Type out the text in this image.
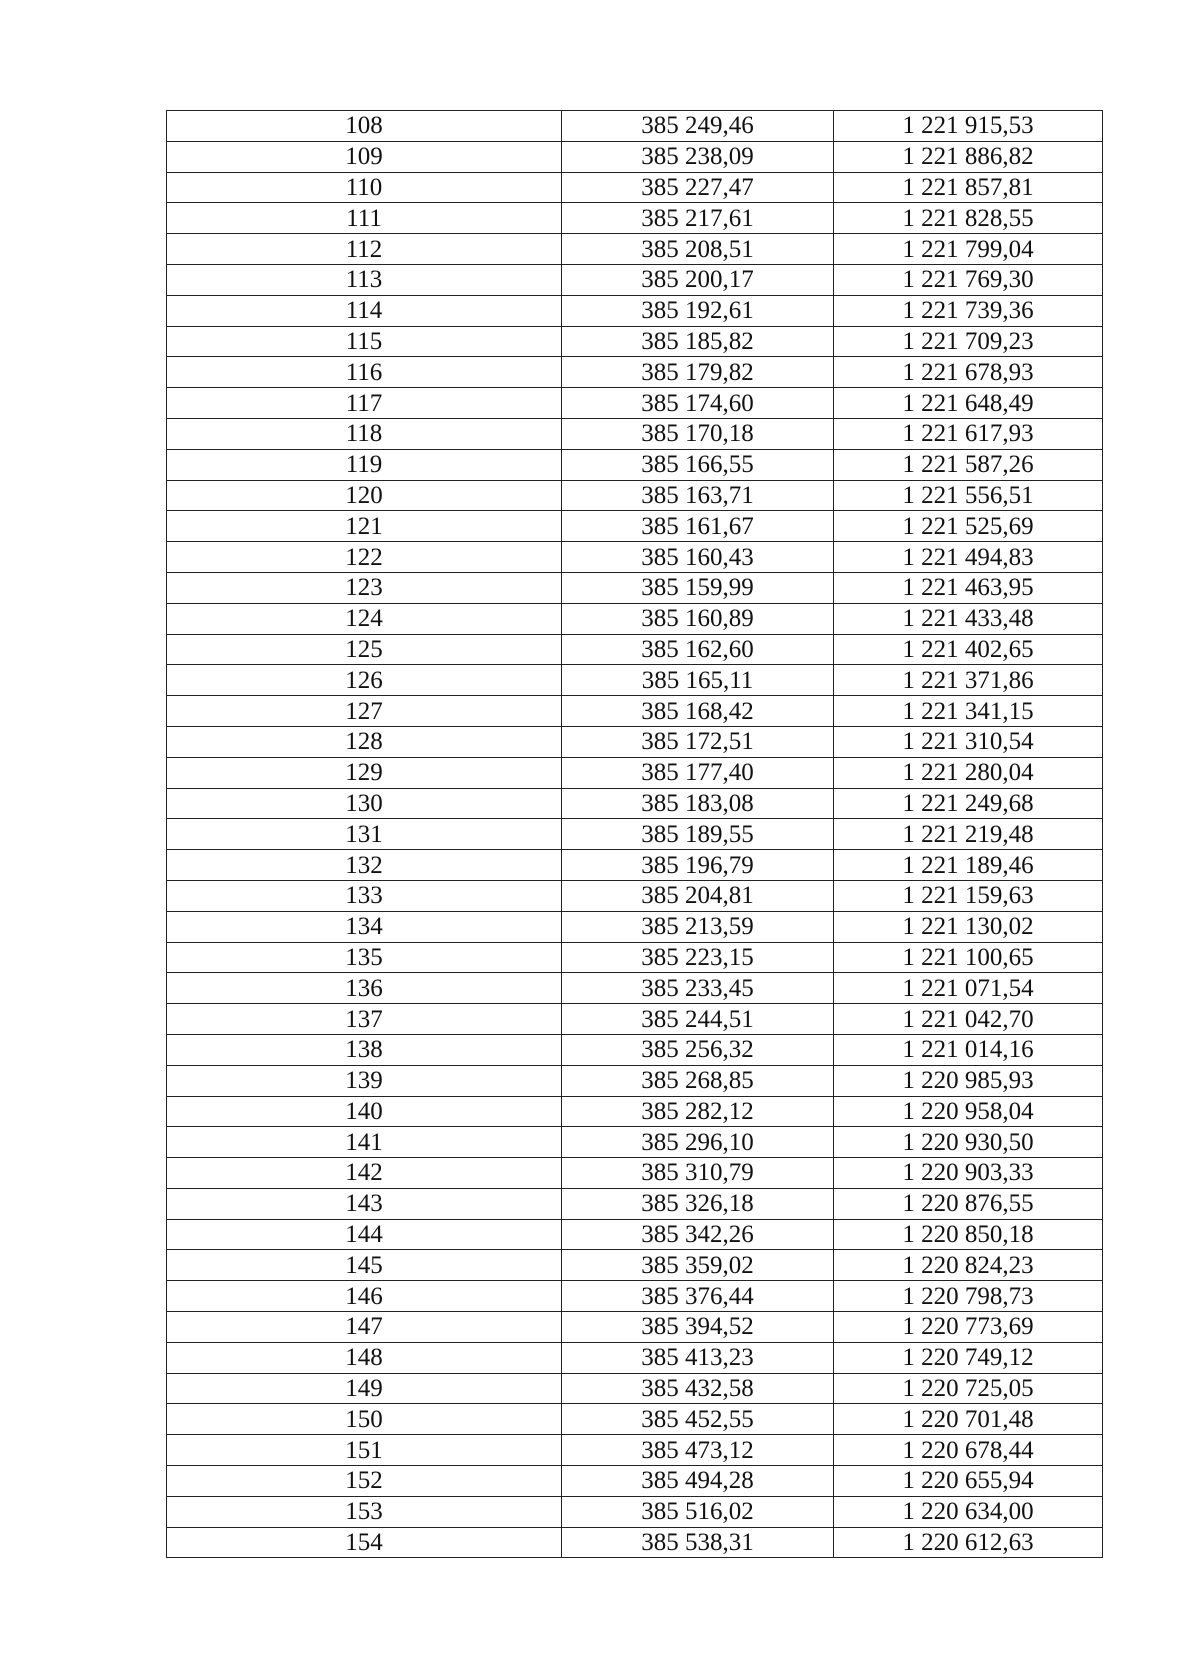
108	385 249,46	1 221 915,53
109	385 238,09	1 221 886,82
110	385 227,47	1 221 857,81
111	385 217,61	1 221 828,55
112	385 208,51	1 221 799,04
113	385 200,17	1 221 769,30
114	385 192,61	1 221 739,36
115	385 185,82	1 221 709,23
116	385 179,82	1 221 678,93
117	385 174,60	1 221 648,49
118	385 170,18	1 221 617,93
119	385 166,55	1 221 587,26
120	385 163,71	1 221 556,51
121	385 161,67	1 221 525,69
122	385 160,43	1 221 494,83
123	385 159,99	1 221 463,95
124	385 160,89	1 221 433,48
125	385 162,60	1 221 402,65
126	385 165,11	1 221 371,86
127	385 168,42	1 221 341,15
128	385 172,51	1 221 310,54
129	385 177,40	1 221 280,04
130	385 183,08	1 221 249,68
131	385 189,55	1 221 219,48
132	385 196,79	1 221 189,46
133	385 204,81	1 221 159,63
134	385 213,59	1 221 130,02
135	385 223,15	1 221 100,65
136	385 233,45	1 221 071,54
137	385 244,51	1 221 042,70
138	385 256,32	1 221 014,16
139	385 268,85	1 220 985,93
140	385 282,12	1 220 958,04
141	385 296,10	1 220 930,50
142	385 310,79	1 220 903,33
143	385 326,18	1 220 876,55
144	385 342,26	1 220 850,18
145	385 359,02	1 220 824,23
146	385 376,44	1 220 798,73
147	385 394,52	1 220 773,69
148	385 413,23	1 220 749,12
149	385 432,58	1 220 725,05
150	385 452,55	1 220 701,48
151	385 473,12	1 220 678,44
152	385 494,28	1 220 655,94
153	385 516,02	1 220 634,00
154	385 538,31	1 220 612,63
